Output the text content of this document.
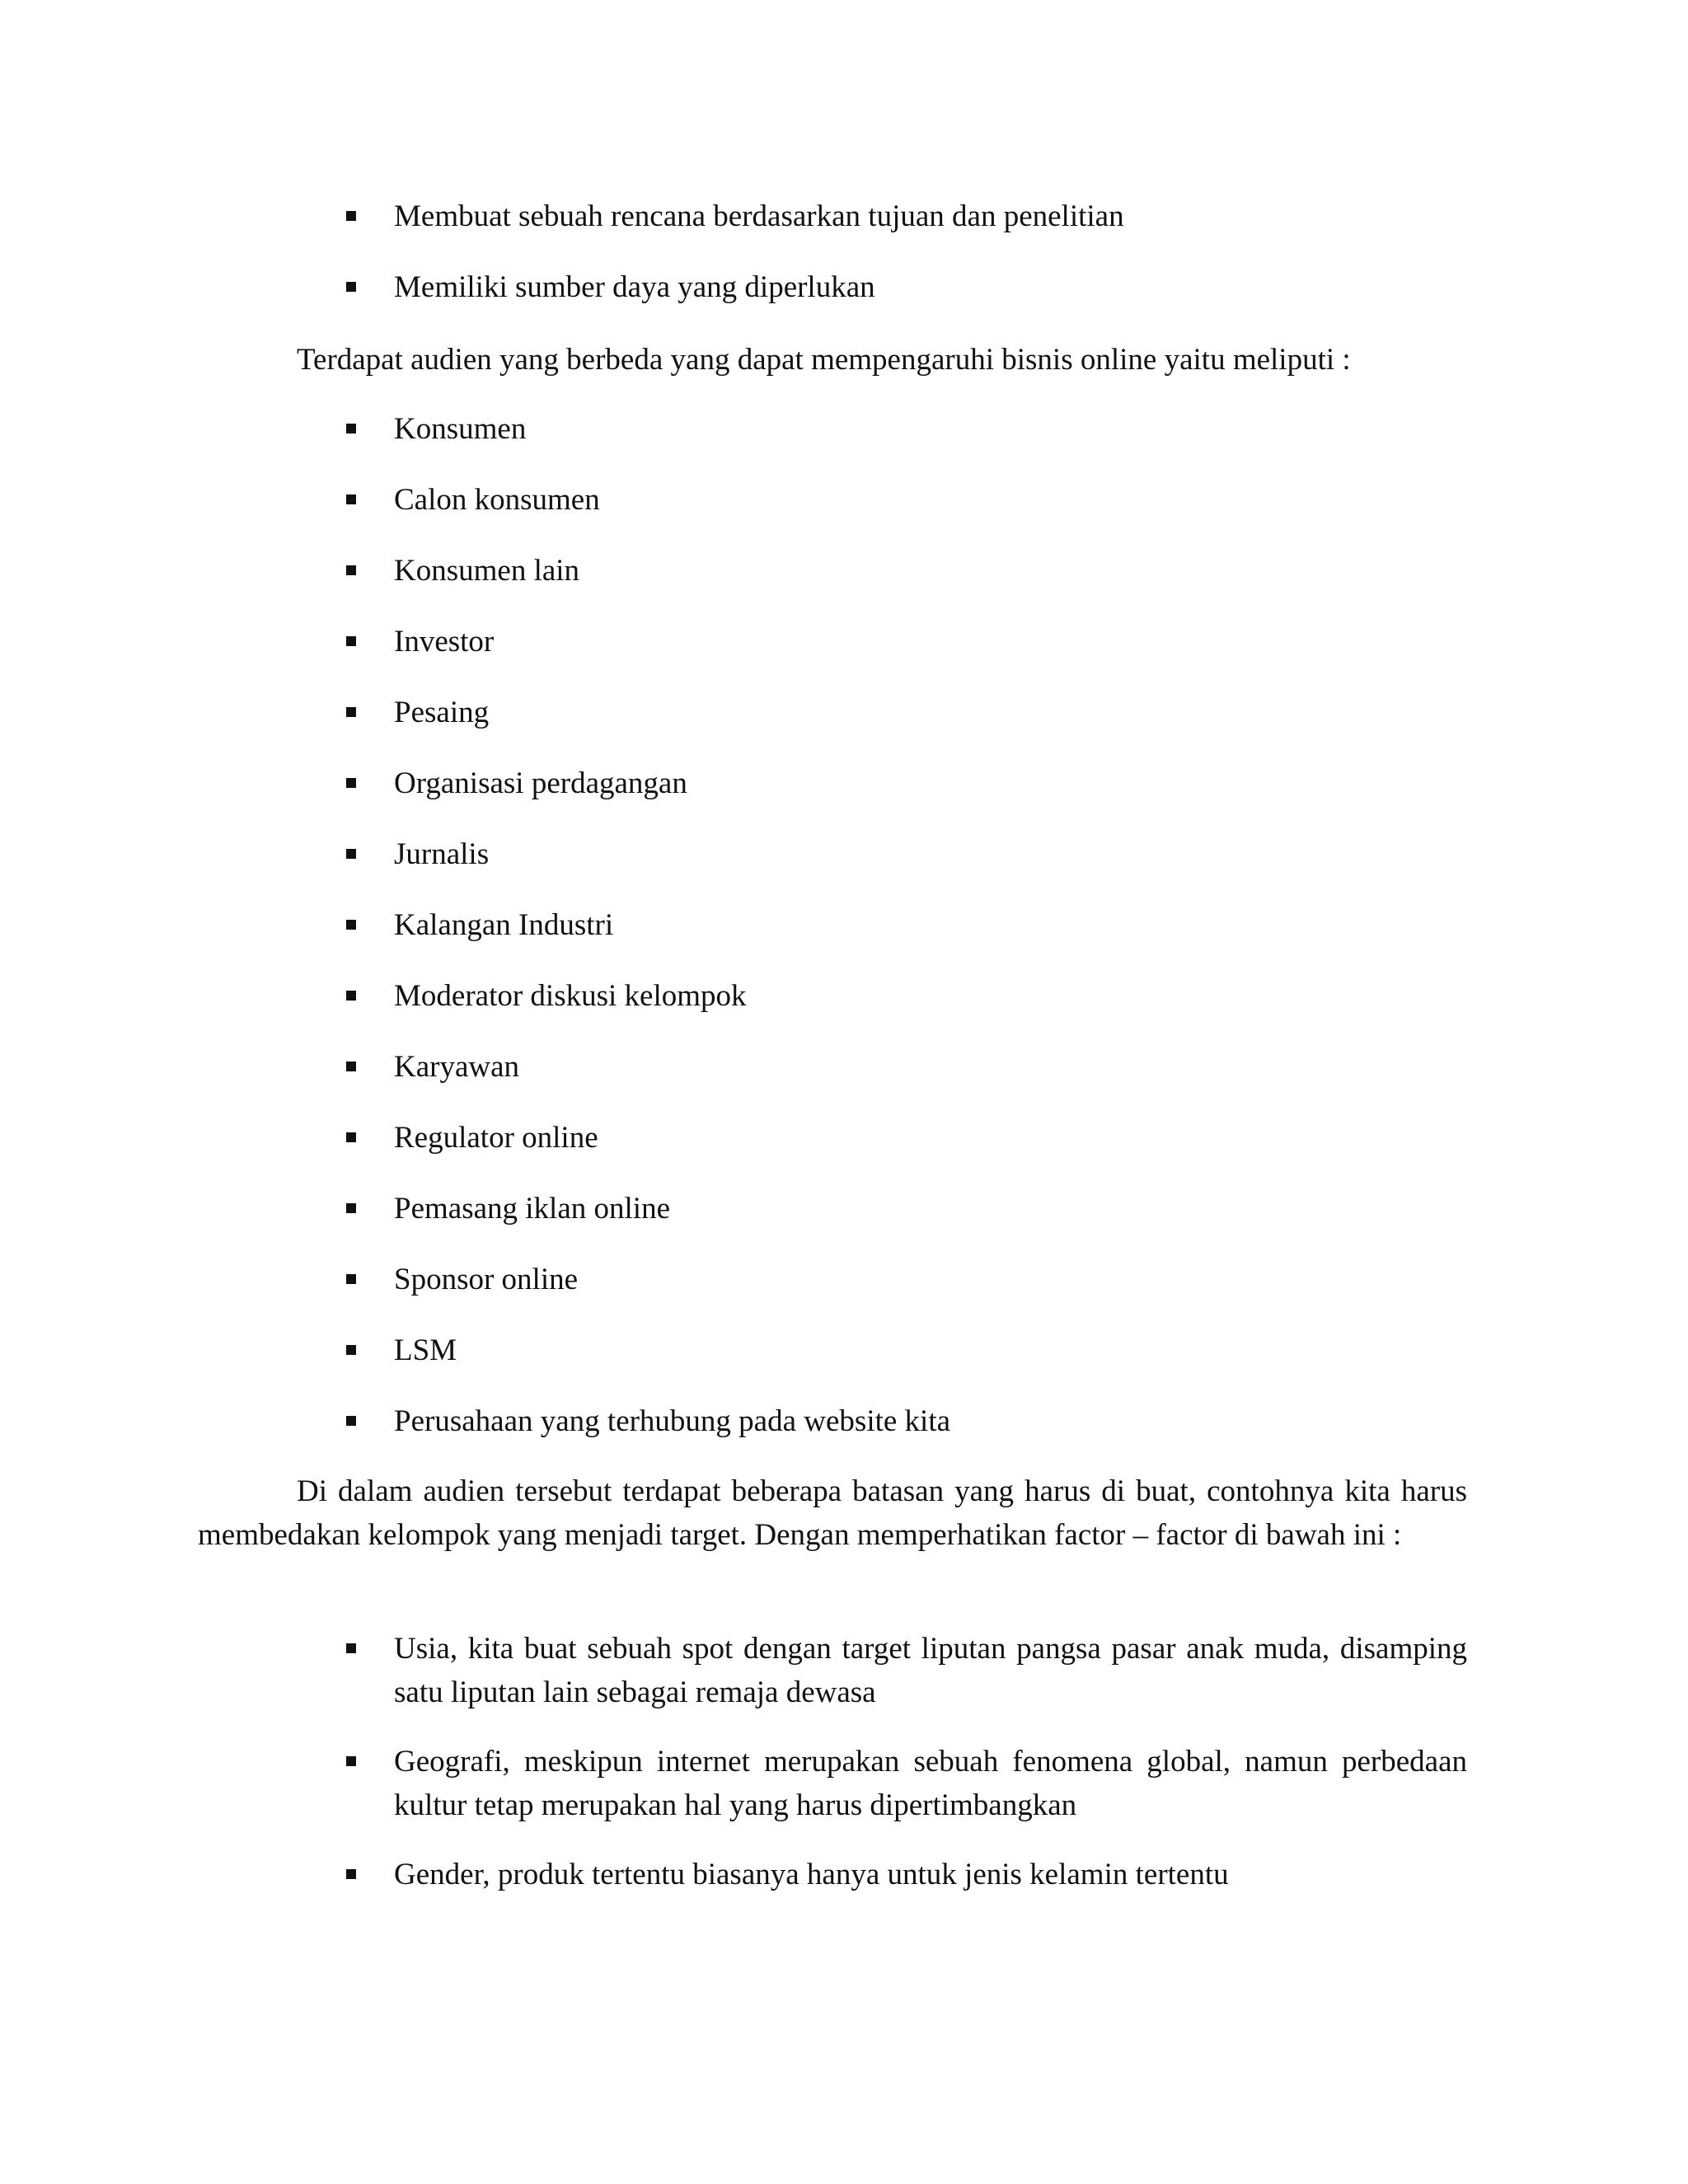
Membuat sebuah rencana berdasarkan tujuan dan penelitian
Memiliki sumber daya yang diperlukan
Terdapat audien yang berbeda yang dapat mempengaruhi bisnis online yaitu meliputi :
Konsumen
Calon konsumen
Konsumen lain
Investor
Pesaing
Organisasi perdagangan
Jurnalis
Kalangan Industri
Moderator diskusi kelompok
Karyawan
Regulator online
Pemasang iklan online
Sponsor online
LSM
Perusahaan yang terhubung pada website kita
Di dalam audien tersebut terdapat beberapa batasan yang harus di buat, contohnya kita harus membedakan kelompok yang menjadi target. Dengan memperhatikan factor – factor di bawah ini :
Usia, kita buat sebuah spot dengan target liputan pangsa pasar anak muda, disamping satu liputan lain sebagai remaja dewasa
Geografi, meskipun internet merupakan sebuah fenomena global, namun perbedaan kultur tetap merupakan hal yang harus dipertimbangkan
Gender, produk tertentu biasanya hanya untuk jenis kelamin tertentu
